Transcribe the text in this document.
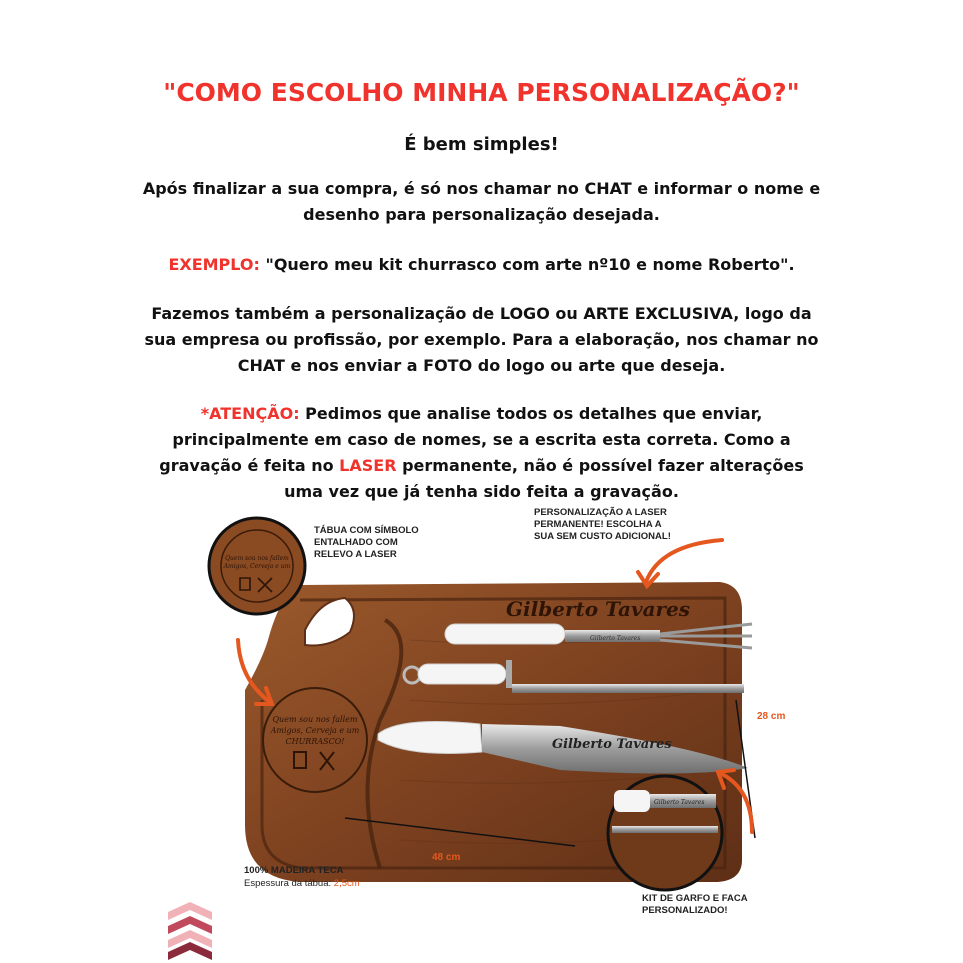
"COMO ESCOLHO MINHA PERSONALIZAÇÃO?"
É bem simples!
Após finalizar a sua compra, é só nos chamar no CHAT e informar o nome e desenho para personalização desejada.
EXEMPLO: "Quero meu kit churrasco com arte nº10 e nome Roberto".
Fazemos também a personalização de LOGO ou ARTE EXCLUSIVA, logo da sua empresa ou profissão, por exemplo. Para a elaboração, nos chamar no CHAT e nos enviar a FOTO do logo ou arte que deseja.
*ATENÇÃO: Pedimos que analise todos os detalhes que enviar, principalmente em caso de nomes, se a escrita esta correta. Como a gravação é feita no LASER permanente, não é possível fazer alterações uma vez que já tenha sido feita a gravação.
Quem sou nos fallem
Amigos, Cerveja e um
CHURRASCO!
Gilberto Tavares
Gilberto Tavares
Gilberto Tavares
Quem sou nos fallem
Amigos, Cerveja e um
Gilberto Tavares
TÁBUA COM SÍMBOLO ENTALHADO COM RELEVO A LASER
PERSONALIZAÇÃO A LASER PERMANENTE! ESCOLHA A SUA SEM CUSTO ADICIONAL!
28 cm
48 cm
100% MADEIRA TECA
Espessura da tábua: 2,5cm
KIT DE GARFO E FACA PERSONALIZADO!
